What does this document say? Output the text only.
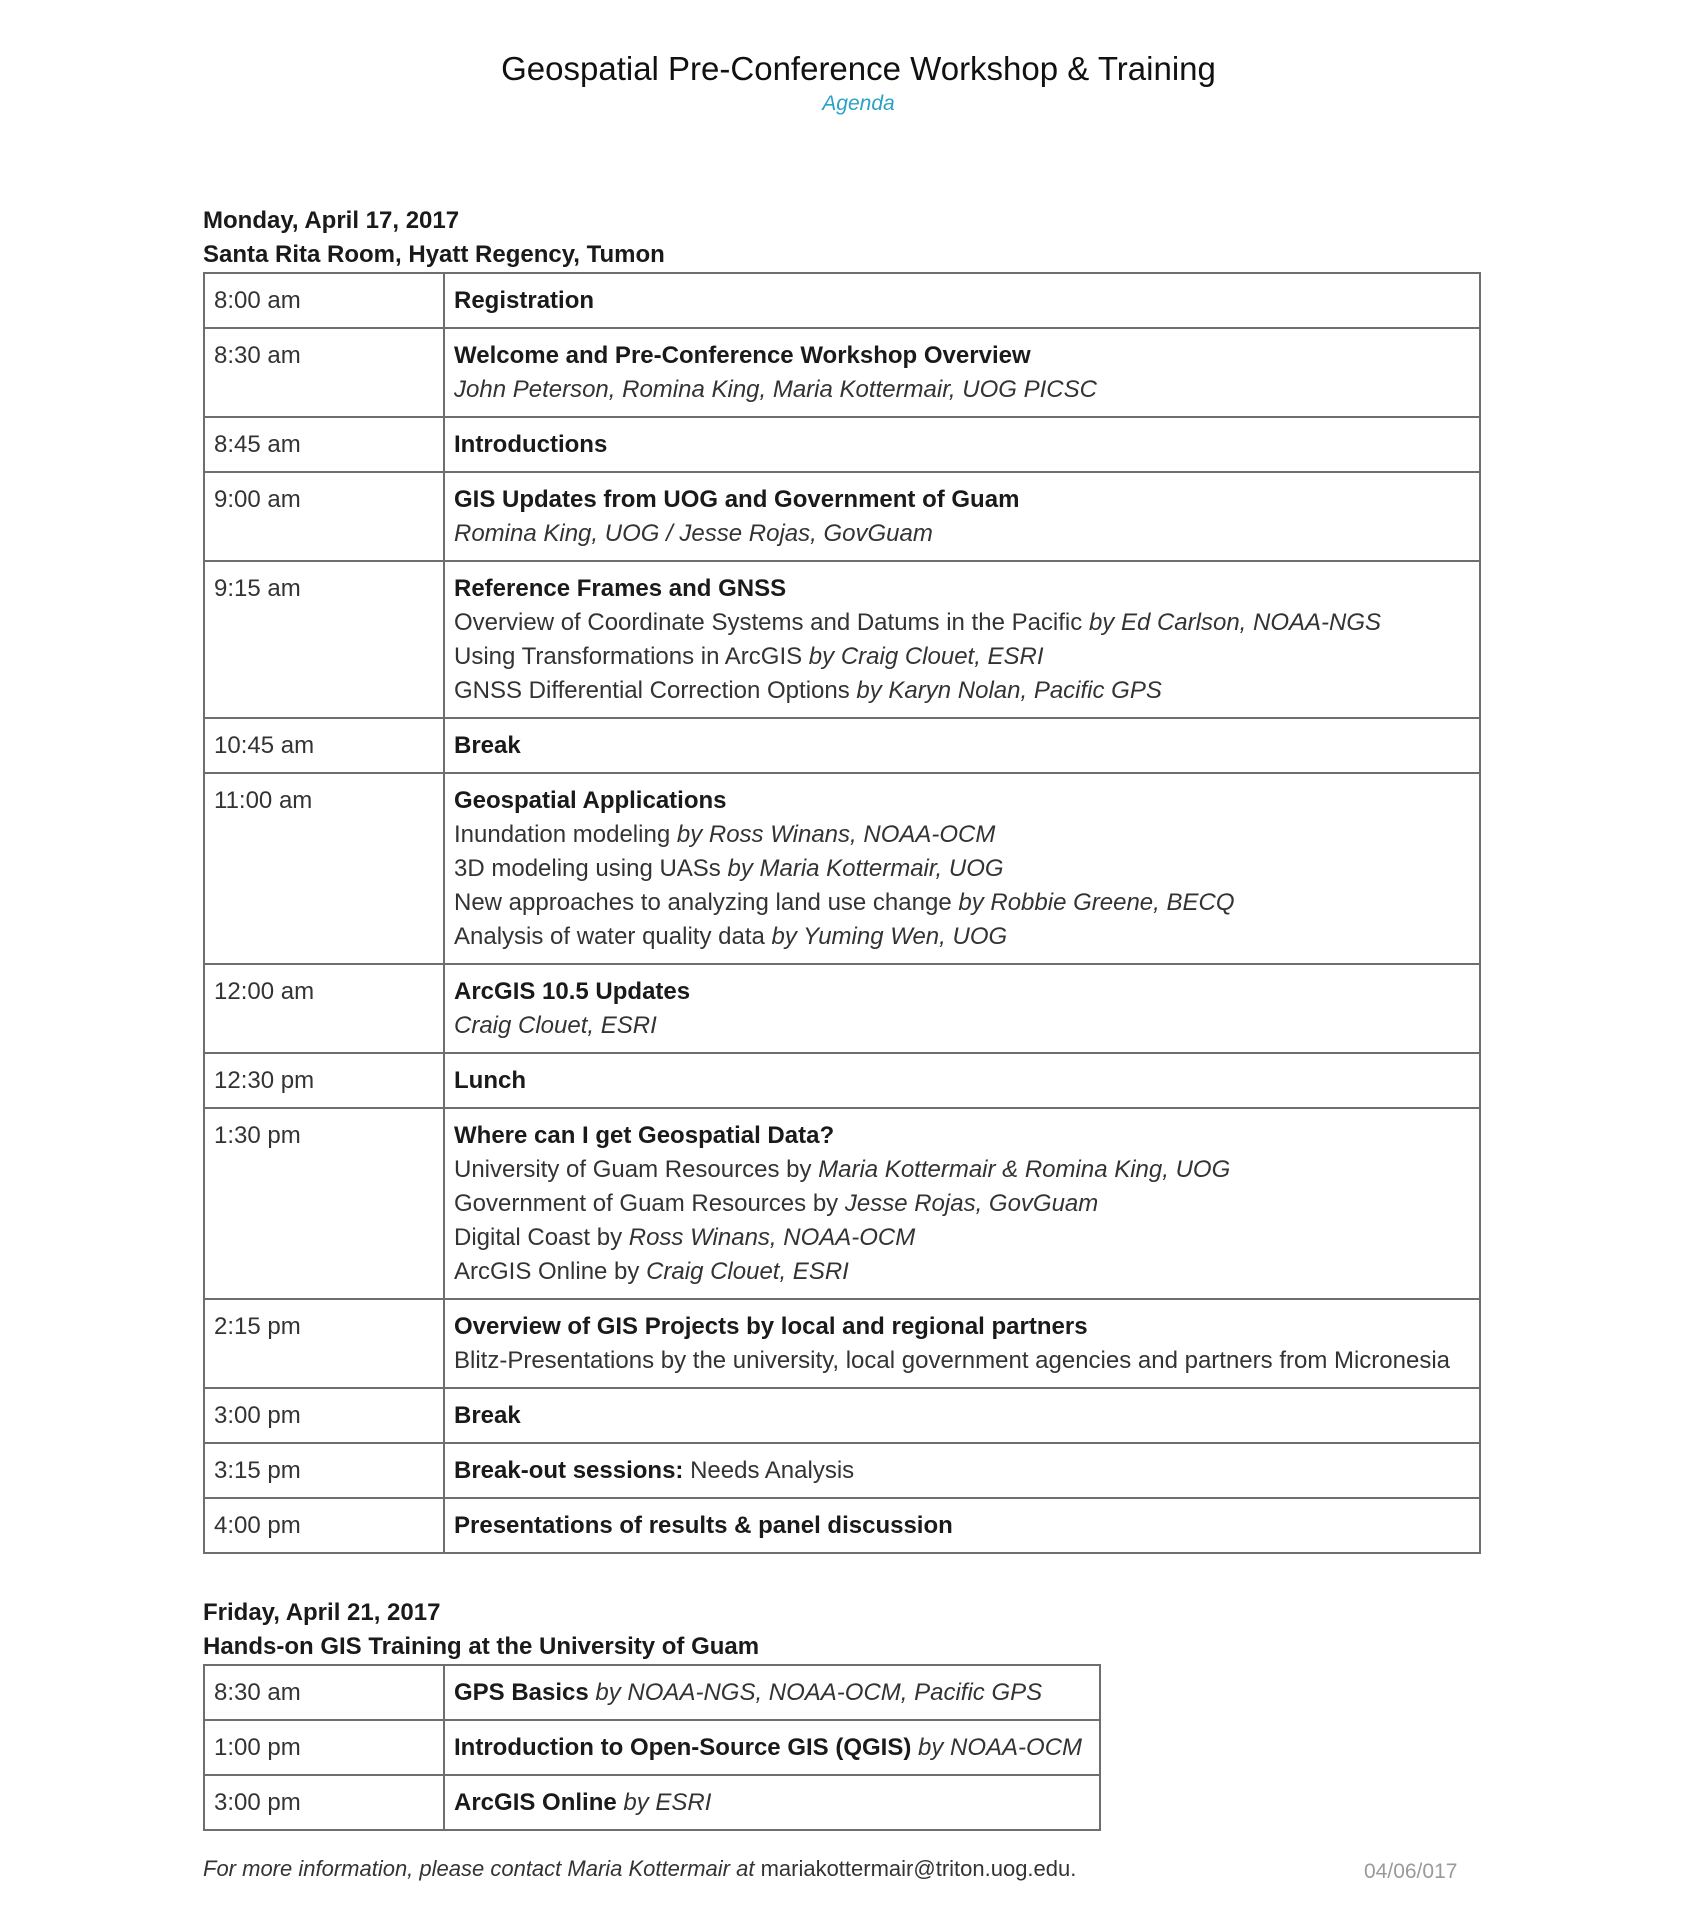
Geospatial Pre-Conference Workshop & Training
Agenda
Monday, April 17, 2017
Santa Rita Room, Hyatt Regency, Tumon
8:00 am	Registration

8:30 am	Welcome and Pre-Conference Workshop Overview
John Peterson, Romina King, Maria Kottermair, UOG PICSC

8:45 am	Introductions

9:00 am	GIS Updates from UOG and Government of Guam
Romina King, UOG / Jesse Rojas, GovGuam

9:15 am	Reference Frames and GNSS
Overview of Coordinate Systems and Datums in the Pacific by Ed Carlson, NOAA-NGS
Using Transformations in ArcGIS by Craig Clouet, ESRI
GNSS Differential Correction Options by Karyn Nolan, Pacific GPS

10:45 am	Break

11:00 am	Geospatial Applications
Inundation modeling by Ross Winans, NOAA-OCM
3D modeling using UASs by Maria Kottermair, UOG
New approaches to analyzing land use change by Robbie Greene, BECQ
Analysis of water quality data by Yuming Wen, UOG

12:00 am	ArcGIS 10.5 Updates
Craig Clouet, ESRI

12:30 pm	Lunch

1:30 pm	Where can I get Geospatial Data?
University of Guam Resources by Maria Kottermair & Romina King, UOG
Government of Guam Resources by Jesse Rojas, GovGuam
Digital Coast by Ross Winans, NOAA-OCM
ArcGIS Online by Craig Clouet, ESRI

2:15 pm	Overview of GIS Projects by local and regional partners
Blitz-Presentations by the university, local government agencies and partners from Micronesia

3:00 pm	Break

3:15 pm	Break-out sessions: Needs Analysis

4:00 pm	Presentations of results & panel discussion
Friday, April 21, 2017
Hands-on GIS Training at the University of Guam
8:30 am	GPS Basics by NOAA-NGS, NOAA-OCM, Pacific GPS
1:00 pm	Introduction to Open-Source GIS (QGIS) by NOAA-OCM
3:00 pm	ArcGIS Online by ESRI
For more information, please contact Maria Kottermair at mariakottermair@triton.uog.edu.	04/06/017
